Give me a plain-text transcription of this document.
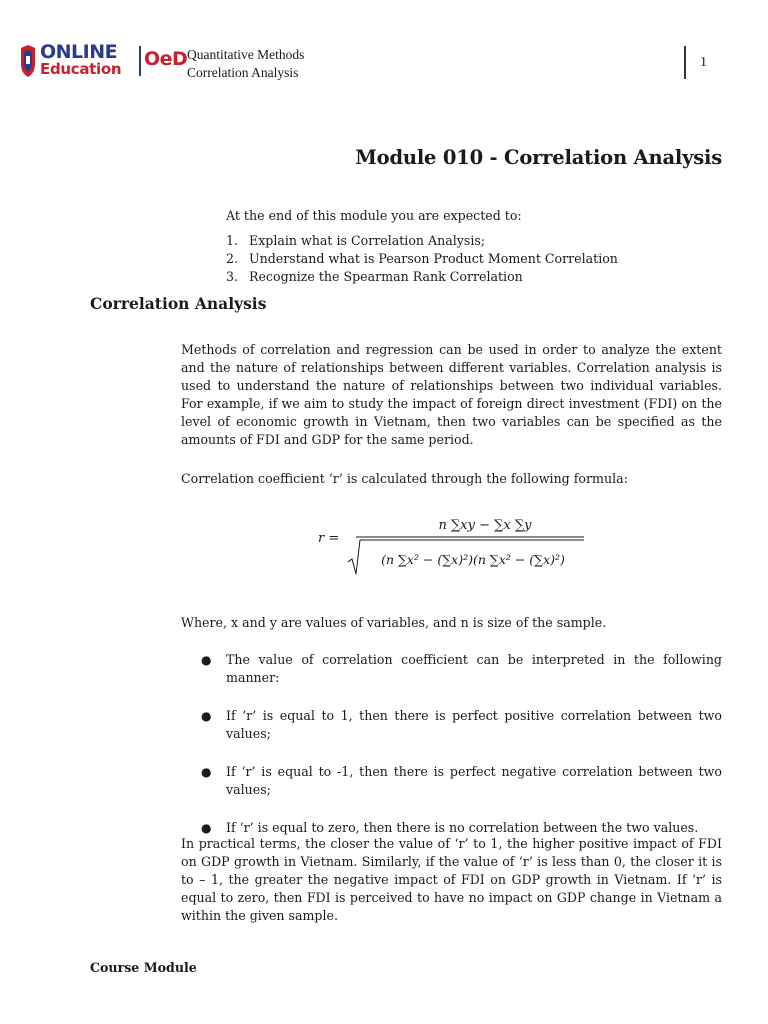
ONLINE
Education OeD Quantitative Methods
Correlation Analysis
1
Module 010 - Correlation Analysis
At the end of this module you are expected to:
1. Explain what is Correlation Analysis;
2. Understand what is Pearson Product Moment Correlation
3. Recognize the Spearman Rank Correlation
Correlation Analysis

Methods of correlation and regression can be used in order to analyze the extent and the nature of relationships between different variables. Correlation analysis is used to understand the nature of relationships between two individual variables. For example, if we aim to study the impact of foreign direct investment (FDI) on the level of economic growth in Vietnam, then two variables can be specified as the amounts of FDI and GDP for the same period.

Correlation coefficient ‘r’ is calculated through the following formula:

r =
n ∑xy − ∑x ∑y
(n ∑x² − (∑x)²)(n ∑x² − (∑x)²)

Where, x and y are values of variables, and n is size of the sample.

● The value of correlation coefficient can be interpreted in the following manner:
● If ‘r’ is equal to 1, then there is perfect positive correlation between two values;
● If ‘r’ is equal to -1, then there is perfect negative correlation between two values;
● If ‘r’ is equal to zero, then there is no correlation between the two values.

In practical terms, the closer the value of ‘r’ to 1, the higher positive impact of FDI on GDP growth in Vietnam. Similarly, if the value of ‘r’ is less than 0, the closer it is to – 1, the greater the negative impact of FDI on GDP growth in Vietnam. If ‘r’ is equal to zero, then FDI is perceived to have no impact on GDP change in Vietnam a within the given sample.

Course Module
